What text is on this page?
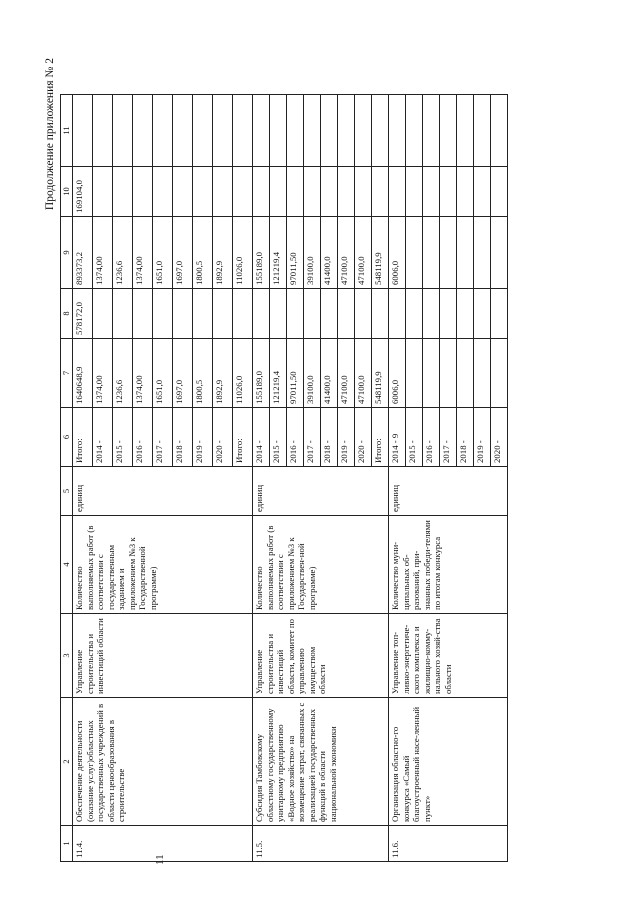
11
Продолжение приложения № 2
1	2	3	4	5	6	7	8	9	10	11
11.4.	Обеспечение деятельности (оказание услуг)областных государственных учреждений в области ценообразования в строительстве	Управление строительства и инвестиций области	Количество выполняемых работ (в соответствии с государственным заданием и приложением №3 к Государственной программе)	единиц	Итого:	1640648,9	578172,0	893373,2	169104,0	
					2014 -	1374,00		1374,00		
					2015 -	1236,6		1236,6		
					2016 -	1374,00		1374,00		
					2017 -	1651,0		1651,0		
					2018 -	1697,0		1697,0		
					2019 -	1800,5		1800,5		
					2020 -	1892,9		1892,9		
					Итого:	11026,0		11026,0		
11.5.	Субсидия Тамбовскому областному государственному унитарному предприятию «Водное хозяйство» на возмещение затрат, связанных с реализацией государственных функций в области национальной экономики	Управление строительства и инвестиций области, комитет по управлению имуществом области	Количество выполняемых работ (в соответствии с приложением №3 к Государствен-ной программе)	единиц	2014 -	155189,0		155189,0		
					2015 -	121219,4		121219,4		
					2016 -	97011,50		97011,50		
					2017 -	39100,0		39100,0		
					2018 -	41400,0		41400,0		
					2019 -	47100,0		47100,0		
					2020 -	47100,0		47100,0		
					Итого:	548119,9		548119,9		
11.6.	Организация областно-го конкурса «Самый благоустроенный насе-ленный пункт»	Управление топ-ливно-энергетиче-ского комплекса и жилищно-комму-нального хозяй-ства области	Количество муни-ципальных об-разований, при-знанных победи-телями по итогам конкурса	единиц	2014 - 9	6006,0		6006,0		
					2015 -					
					2016 -					
					2017 -					
					2018 -					
					2019 -					
					2020 -					
